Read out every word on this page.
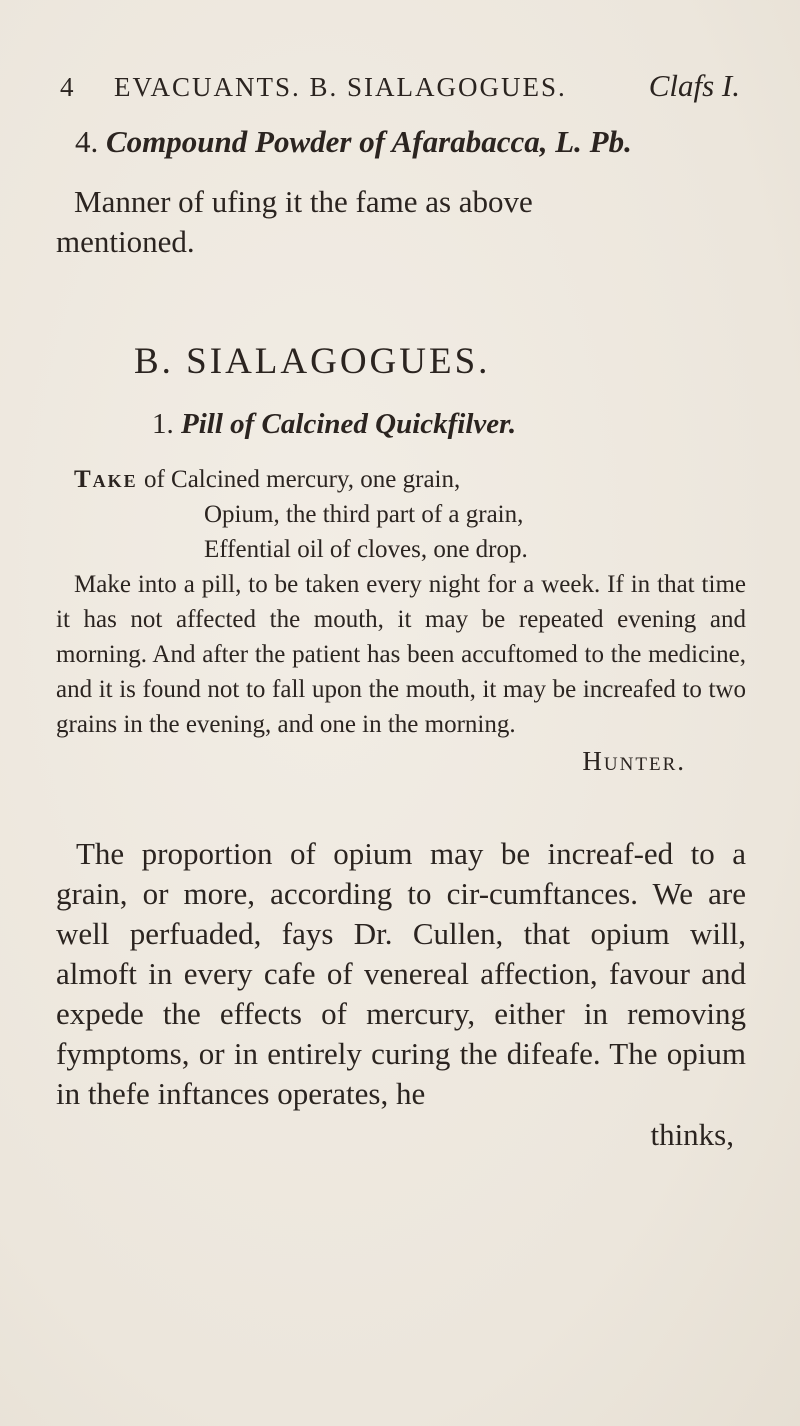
4 EVACUANTS. B. SIALAGOGUES.	Clafs I.
4. Compound Powder of Afarabacca, L. Pb.
Manner of ufing it the fame as above
mentioned.
B. SIALAGOGUES.
1. Pill of Calcined Quickfilver.
Take of Calcined mercury, one grain,
Opium, the third part of a grain,
Effential oil of cloves, one drop.
Make into a pill, to be taken every night for a week. If in that time it has not affected the mouth, it may be repeated evening and morning. And after the patient has been accuftomed to the medicine, and it is found not to fall upon the mouth, it may be increafed to two grains in the evening, and one in the morning.
Hunter.
The proportion of opium may be increaf-ed to a grain, or more, according to cir-cumftances. We are well perfuaded, fays Dr. Cullen, that opium will, almoft in every cafe of venereal affection, favour and expede the effects of mercury, either in removing fymptoms, or in entirely curing the difeafe. The opium in thefe inftances operates, he
thinks,
